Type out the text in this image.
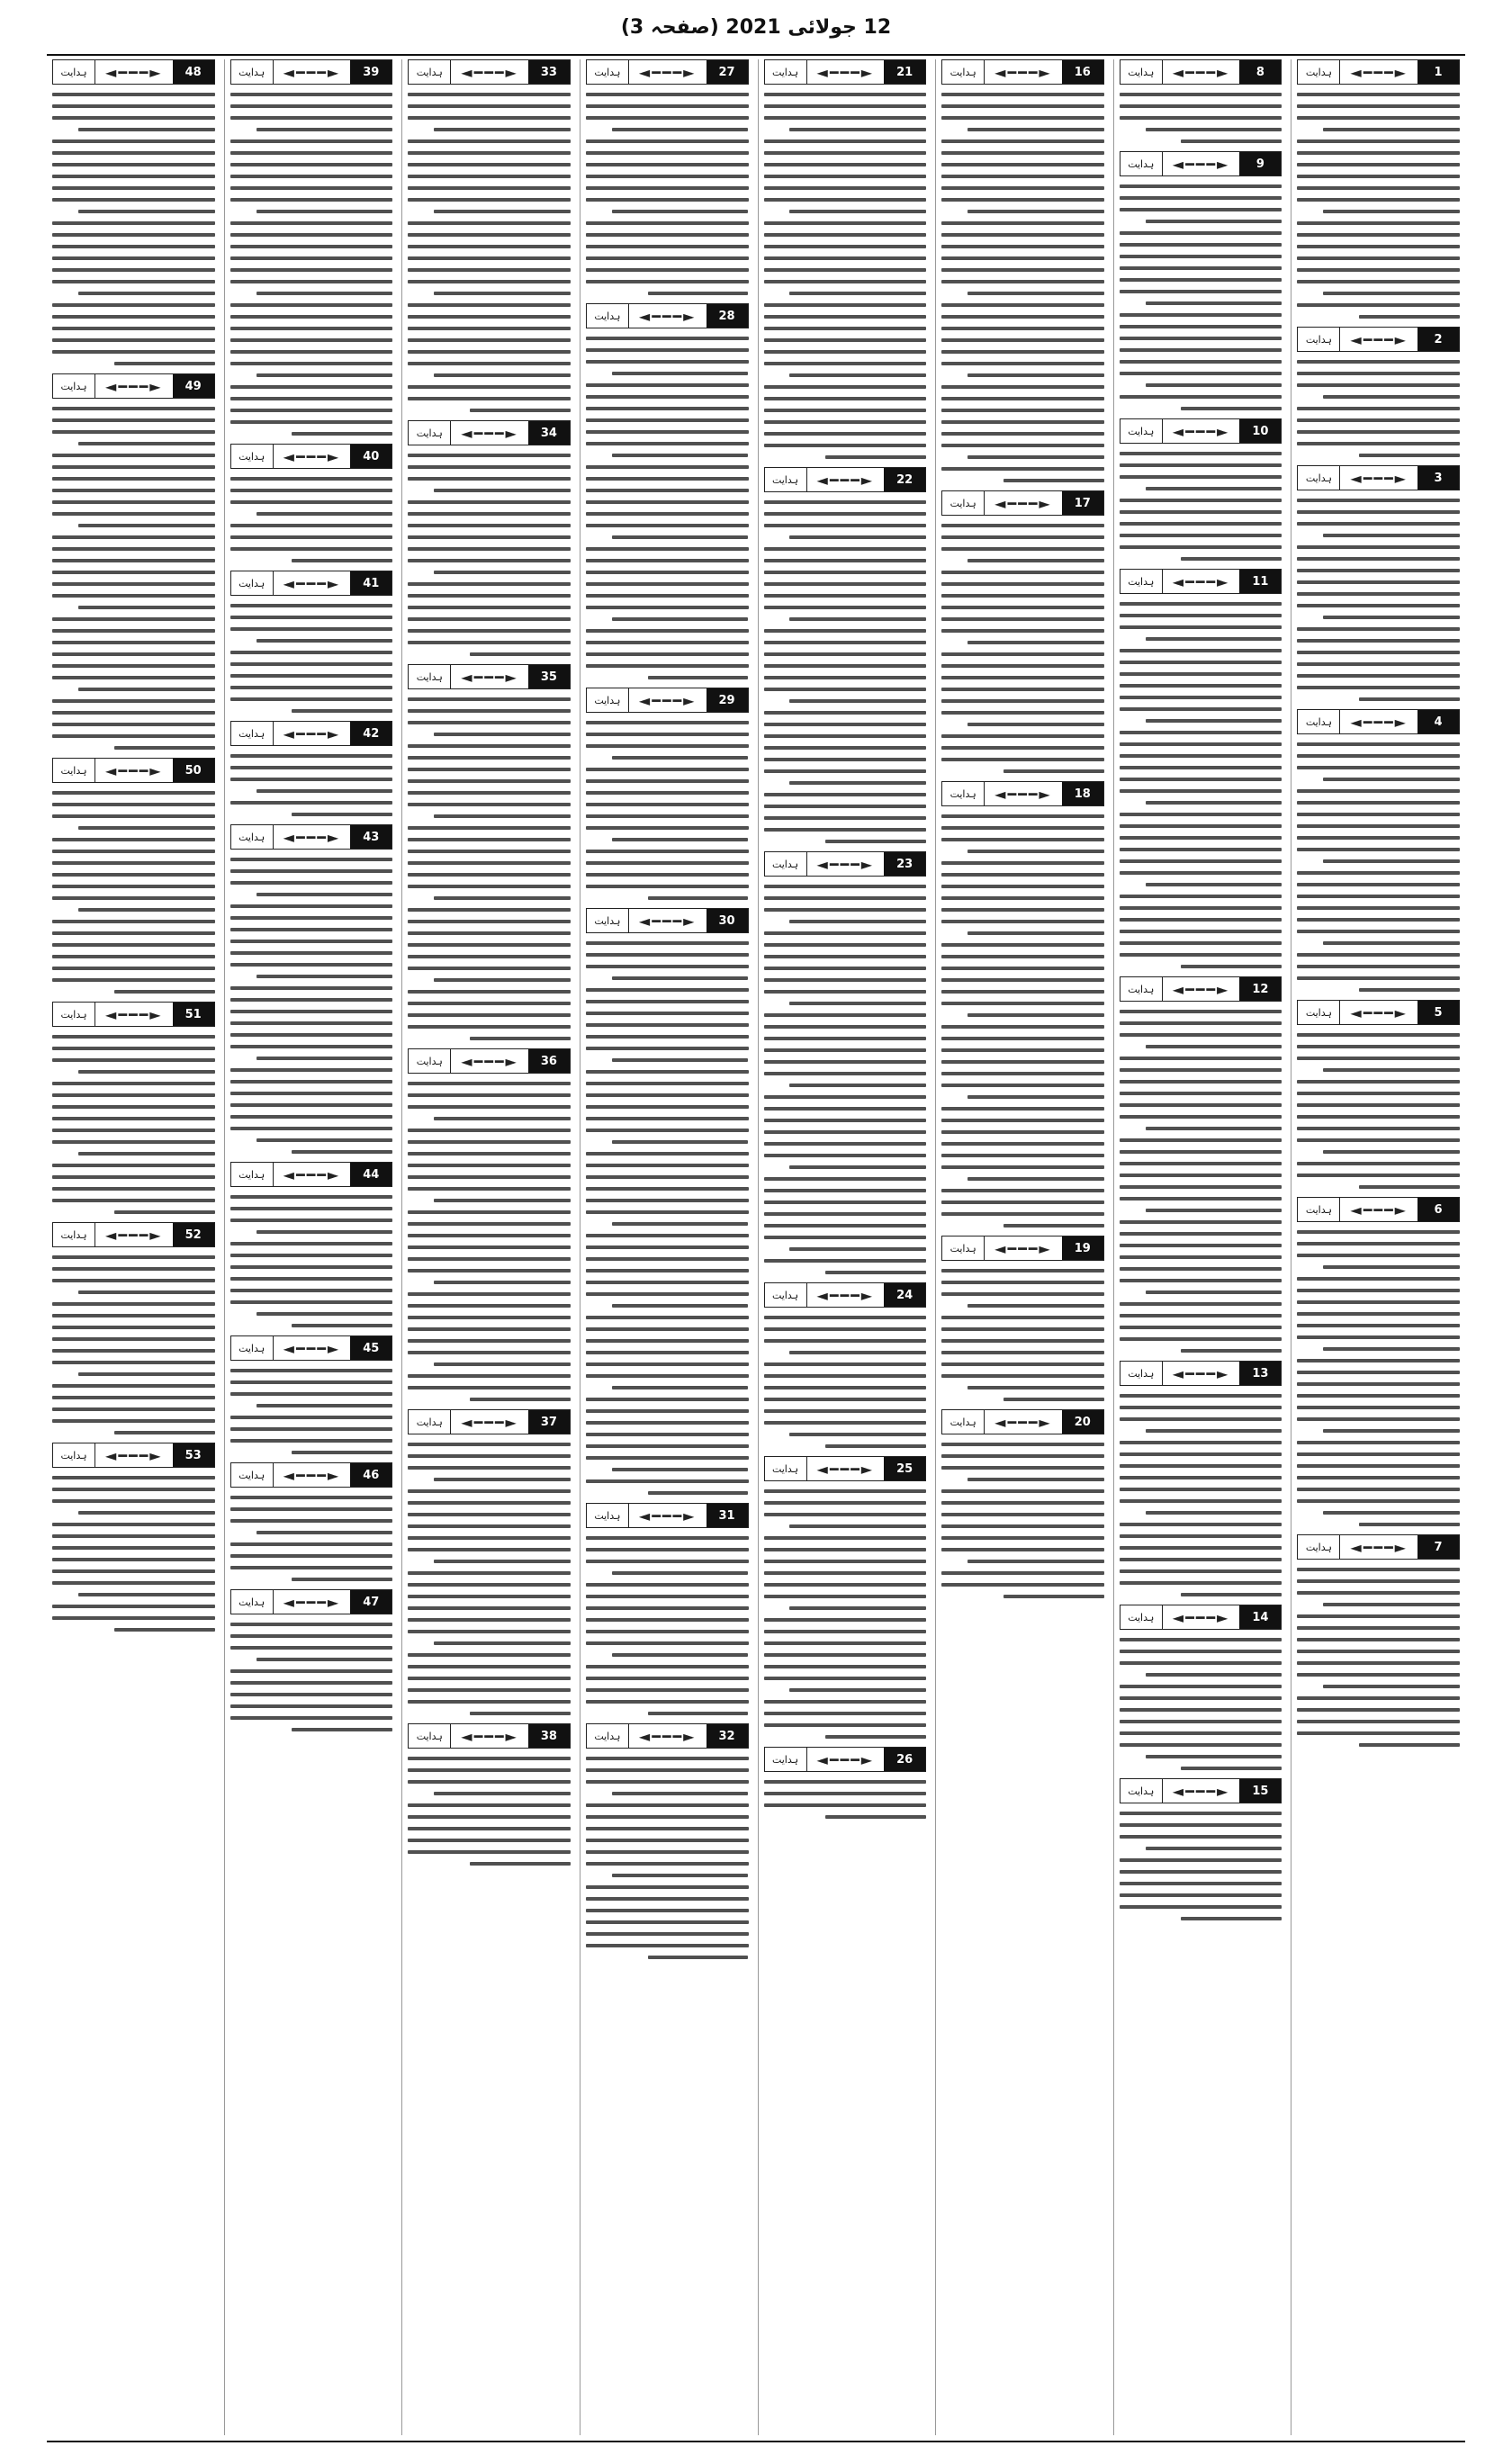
12 جولائی 2021 (صفحہ 3)
1
◄━━━►
ہدایت
2
◄━━━►
ہدایت
3
◄━━━►
ہدایت
4
◄━━━►
ہدایت
5
◄━━━►
ہدایت
6
◄━━━►
ہدایت
7
◄━━━►
ہدایت
8
◄━━━►
ہدایت
9
◄━━━►
ہدایت
10
◄━━━►
ہدایت
11
◄━━━►
ہدایت
12
◄━━━►
ہدایت
13
◄━━━►
ہدایت
14
◄━━━►
ہدایت
15
◄━━━►
ہدایت
16
◄━━━►
ہدایت
17
◄━━━►
ہدایت
18
◄━━━►
ہدایت
19
◄━━━►
ہدایت
20
◄━━━►
ہدایت
21
◄━━━►
ہدایت
22
◄━━━►
ہدایت
23
◄━━━►
ہدایت
24
◄━━━►
ہدایت
25
◄━━━►
ہدایت
26
◄━━━►
ہدایت
27
◄━━━►
ہدایت
28
◄━━━►
ہدایت
29
◄━━━►
ہدایت
30
◄━━━►
ہدایت
31
◄━━━►
ہدایت
32
◄━━━►
ہدایت
33
◄━━━►
ہدایت
34
◄━━━►
ہدایت
35
◄━━━►
ہدایت
36
◄━━━►
ہدایت
37
◄━━━►
ہدایت
38
◄━━━►
ہدایت
39
◄━━━►
ہدایت
40
◄━━━►
ہدایت
41
◄━━━►
ہدایت
42
◄━━━►
ہدایت
43
◄━━━►
ہدایت
44
◄━━━►
ہدایت
45
◄━━━►
ہدایت
46
◄━━━►
ہدایت
47
◄━━━►
ہدایت
48
◄━━━►
ہدایت
49
◄━━━►
ہدایت
50
◄━━━►
ہدایت
51
◄━━━►
ہدایت
52
◄━━━►
ہدایت
53
◄━━━►
ہدایت
